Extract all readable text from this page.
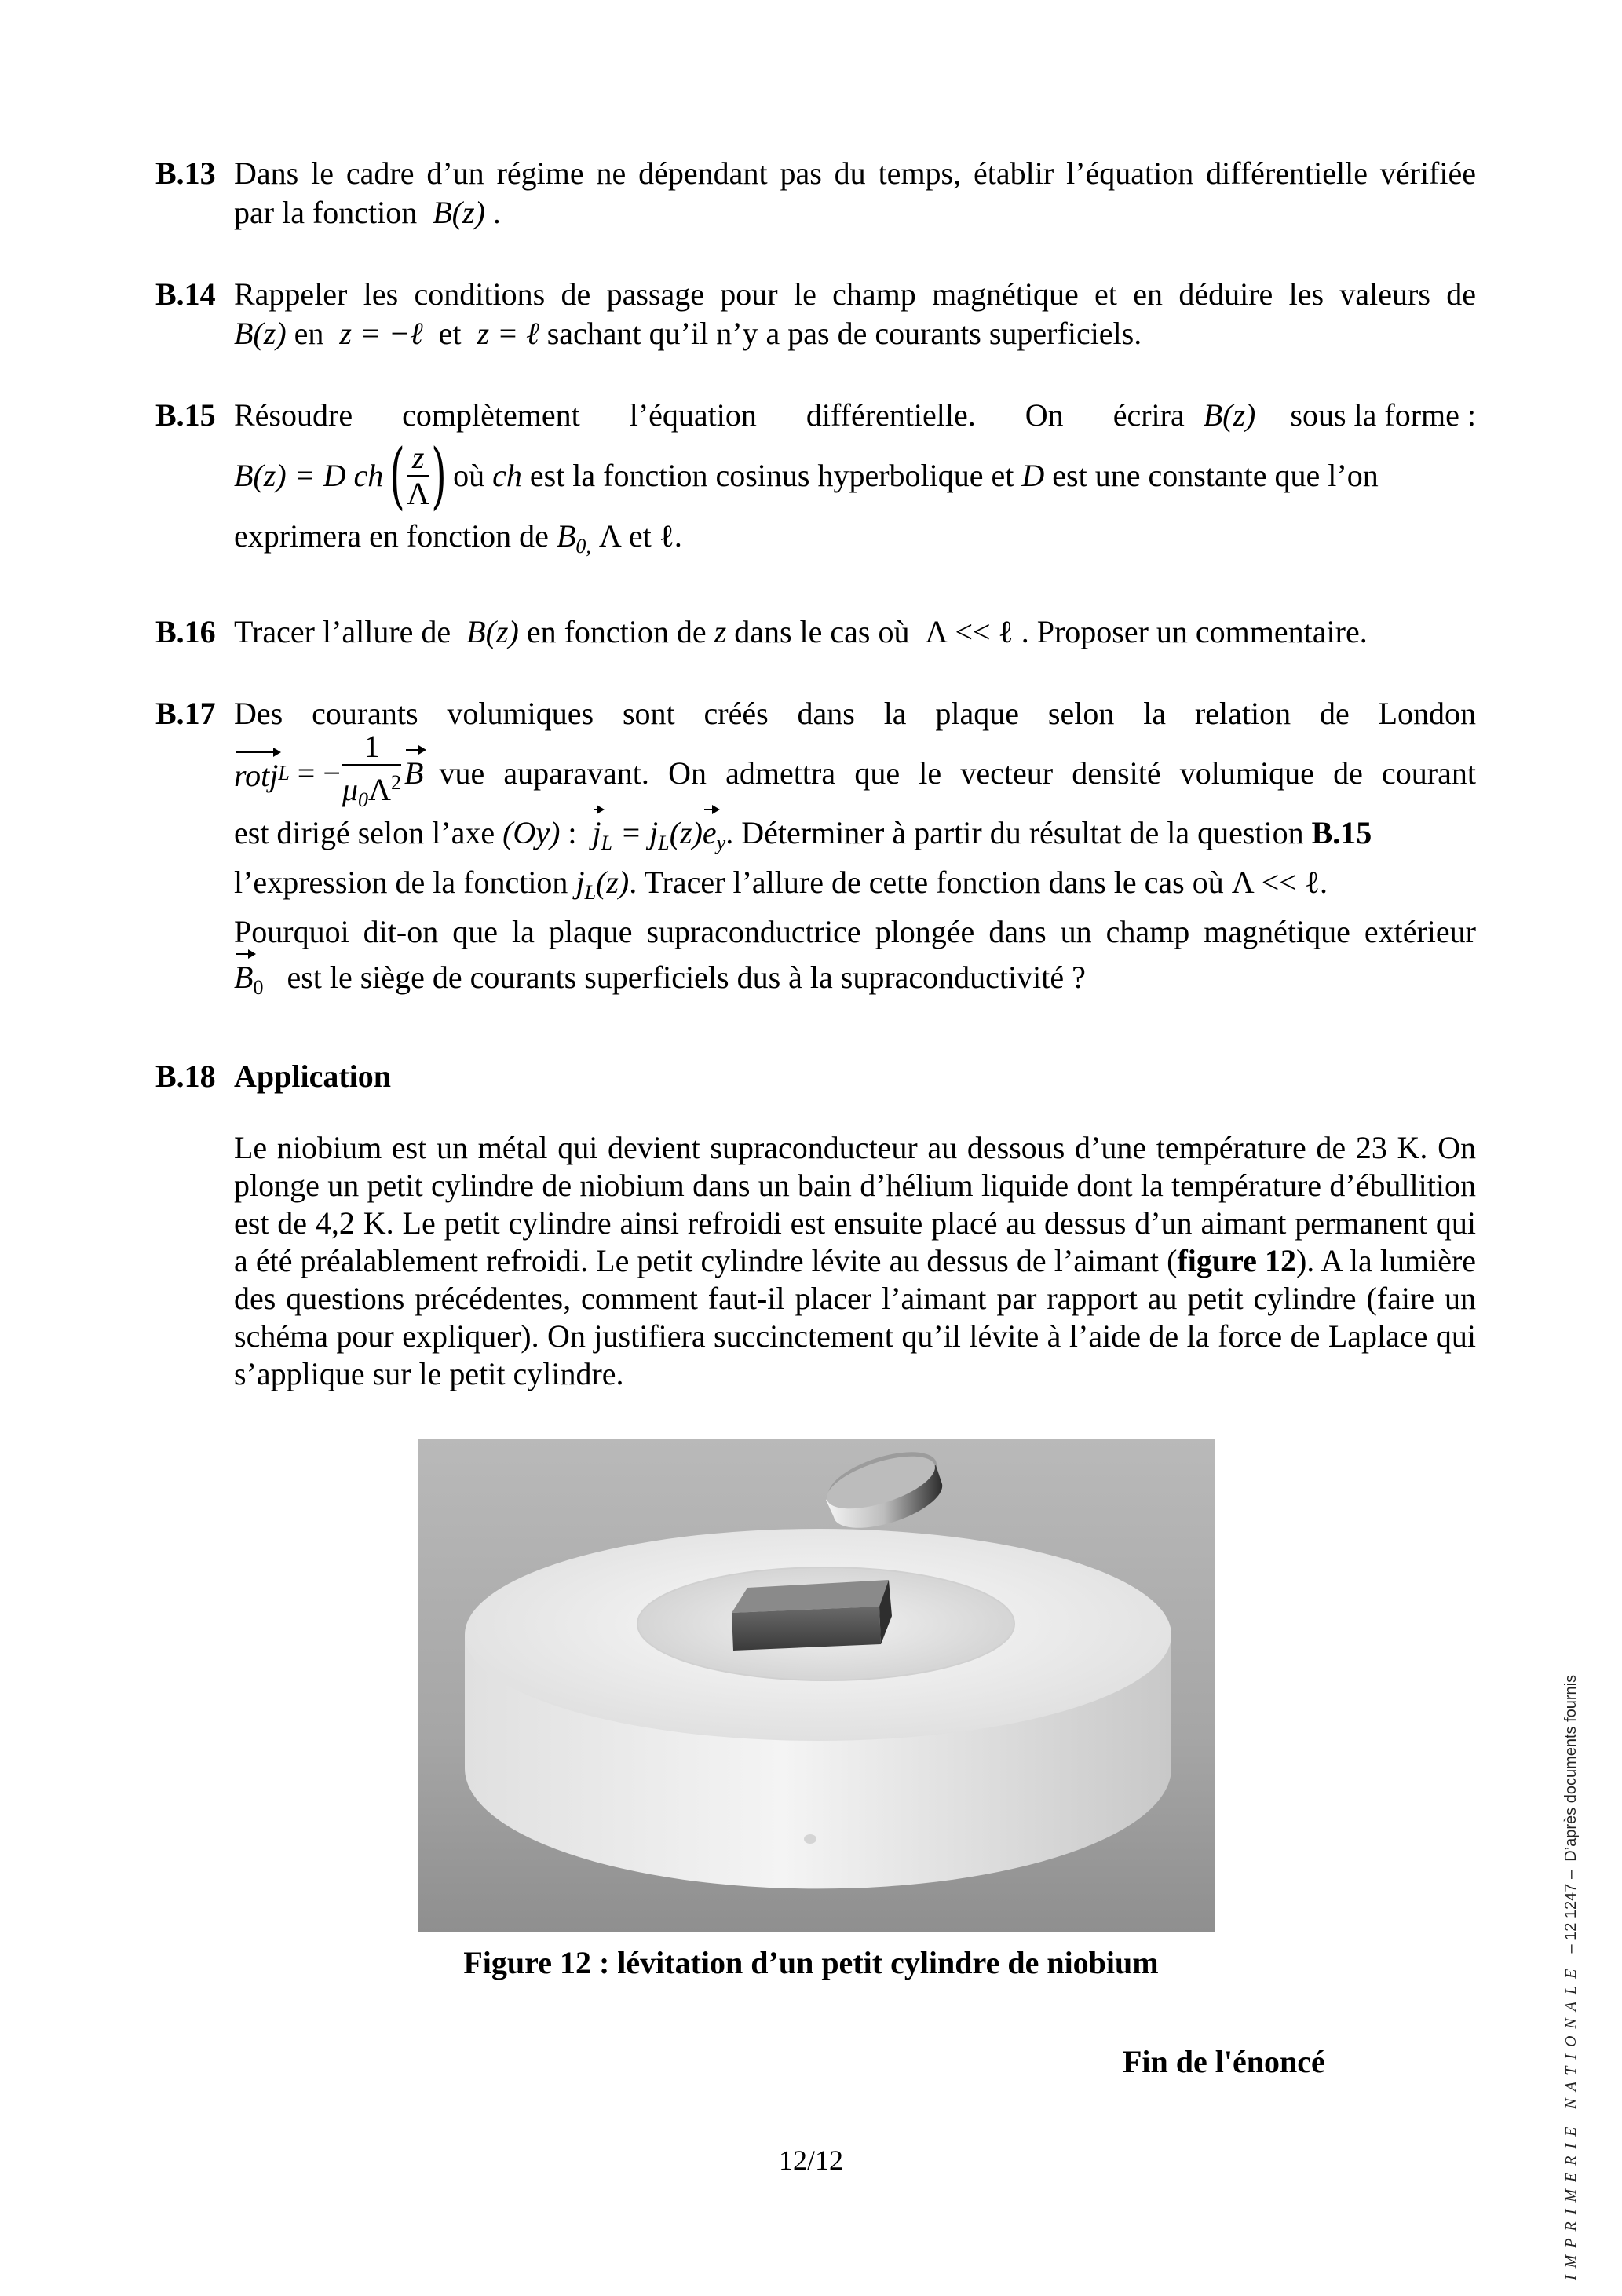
B.13 Dans le cadre d’un régime ne dépendant pas du temps, établir l’équation différentielle vérifiée
par la fonction B(z) .
B.14 Rappeler les conditions de passage pour le champ magnétique et en déduire les valeurs de
B(z) en z = −ℓ et z = ℓ sachant qu’il n’y a pas de courants superficiels.
B.15 Résoudre complètement l’équation différentielle. On écrira B(z)	sous la forme :
B(z) = D ch ( $\frac{z}{\Lambda}$ ) où
ch
est la fonction cosinus hyperbolique et
D
est une constante que l’on
exprimera en fonction de $B_{0,}$ Λ et ℓ.
B.16 Tracer l’allure de B(z) en fonction de z dans le cas où Λ << ℓ . Proposer un commentaire.
B.17 Des courants volumiques sont créés dans la plaque selon la relation de London
rotj L
= − $\frac{1}{\mu_0\Lambda^2}$ B
vue auparavant. On admettra que le vecteur densité volumique de courant
est dirigé selon l’axe (Oy) : $j_L = j_L(z)e_y$. Déterminer à partir du résultat de la question B.15
l’expression de la fonction $j_L(z)$. Tracer l’allure de cette fonction dans le cas où Λ << ℓ.
Pourquoi dit-on que la plaque supraconductrice plongée dans un champ magnétique extérieur
$B_0$ est le siège de courants superficiels dus à la supraconductivité ?
B.18 Application
Le niobium est un métal qui devient supraconducteur au dessous d’une température de 23 K. On plonge un petit cylindre de niobium dans un bain d’hélium liquide dont la température d’ébullition est de 4,2 K. Le petit cylindre ainsi refroidi est ensuite placé au dessus d’un aimant permanent qui a été préalablement refroidi. Le petit cylindre lévite au dessus de l’aimant (figure 12). A la lumière des questions précédentes, comment faut-il placer l’aimant par rapport au petit cylindre (faire un schéma pour expliquer). On justifiera succinctement qu’il lévite à l’aide de la force de Laplace qui s’applique sur le petit cylindre.
Figure 12 : lévitation d’un petit cylindre de niobium
Fin de l'énoncé
12/12	IMPRIMERIE NATIONALE  – 12 1247 –  D’après documents fournis
